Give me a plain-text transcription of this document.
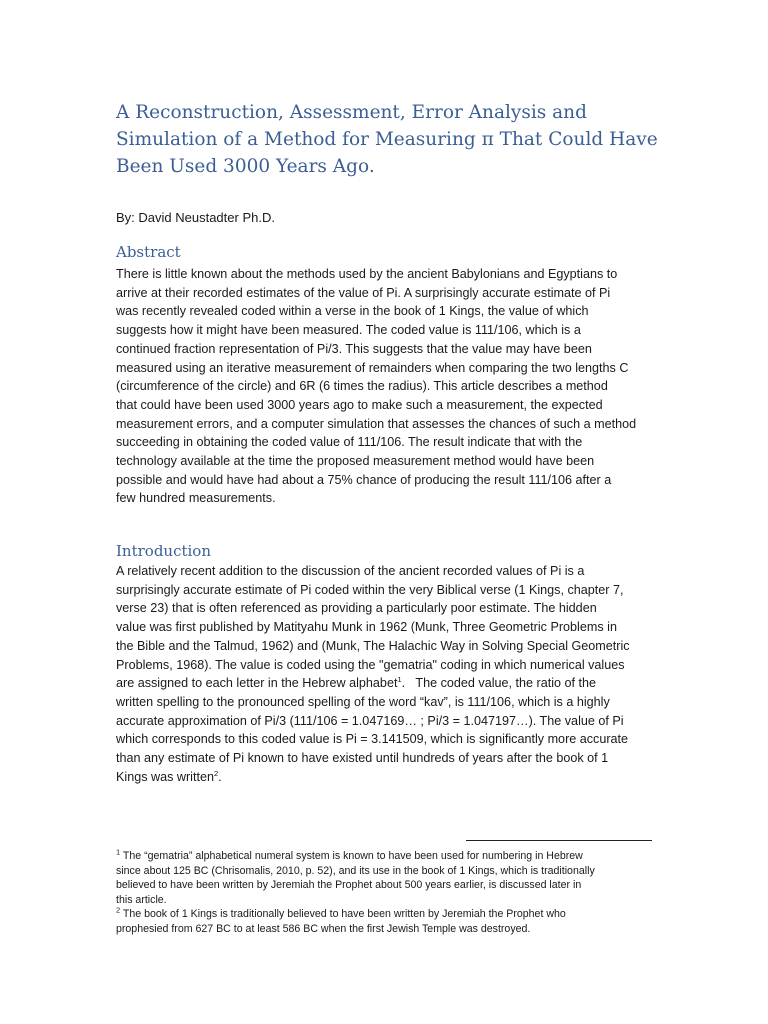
A Reconstruction, Assessment, Error Analysis and
Simulation of a Method for Measuring π That Could Have
Been Used 3000 Years Ago.

By: David Neustadter Ph.D.

Abstract
There is little known about the methods used by the ancient Babylonians and Egyptians to
arrive at their recorded estimates of the value of Pi. A surprisingly accurate estimate of Pi
was recently revealed coded within a verse in the book of 1 Kings, the value of which
suggests how it might have been measured. The coded value is 111/106, which is a
continued fraction representation of Pi/3. This suggests that the value may have been
measured using an iterative measurement of remainders when comparing the two lengths C
(circumference of the circle) and 6R (6 times the radius). This article describes a method
that could have been used 3000 years ago to make such a measurement, the expected
measurement errors, and a computer simulation that assesses the chances of such a method
succeeding in obtaining the coded value of 111/106. The result indicate that with the
technology available at the time the proposed measurement method would have been
possible and would have had about a 75% chance of producing the result 111/106 after a
few hundred measurements.
Introduction
A relatively recent addition to the discussion of the ancient recorded values of Pi is a
surprisingly accurate estimate of Pi coded within the very Biblical verse (1 Kings, chapter 7,
verse 23) that is often referenced as providing a particularly poor estimate. The hidden
value was first published by Matityahu Munk in 1962 (Munk, Three Geometric Problems in
the Bible and the Talmud, 1962) and (Munk, The Halachic Way in Solving Special Geometric
Problems, 1968). The value is coded using the "gematria" coding in which numerical values
are assigned to each letter in the Hebrew alphabet$^1$.   The coded value, the ratio of the
written spelling to the pronounced spelling of the word “kav”, is 111/106, which is a highly
accurate approximation of Pi/3 (111/106 = 1.047169… ; Pi/3 = 1.047197…). The value of Pi
which corresponds to this coded value is Pi = 3.141509, which is significantly more accurate
than any estimate of Pi known to have existed until hundreds of years after the book of 1
Kings was written$^2$.

$^1$ The “gematria” alphabetical numeral system is known to have been used for numbering in Hebrew
since about 125 BC (Chrisomalis, 2010, p. 52), and its use in the book of 1 Kings, which is traditionally
believed to have been written by Jeremiah the Prophet about 500 years earlier, is discussed later in
this article.

$^2$ The book of 1 Kings is traditionally believed to have been written by Jeremiah the Prophet who
prophesied from 627 BC to at least 586 BC when the first Jewish Temple was destroyed.
